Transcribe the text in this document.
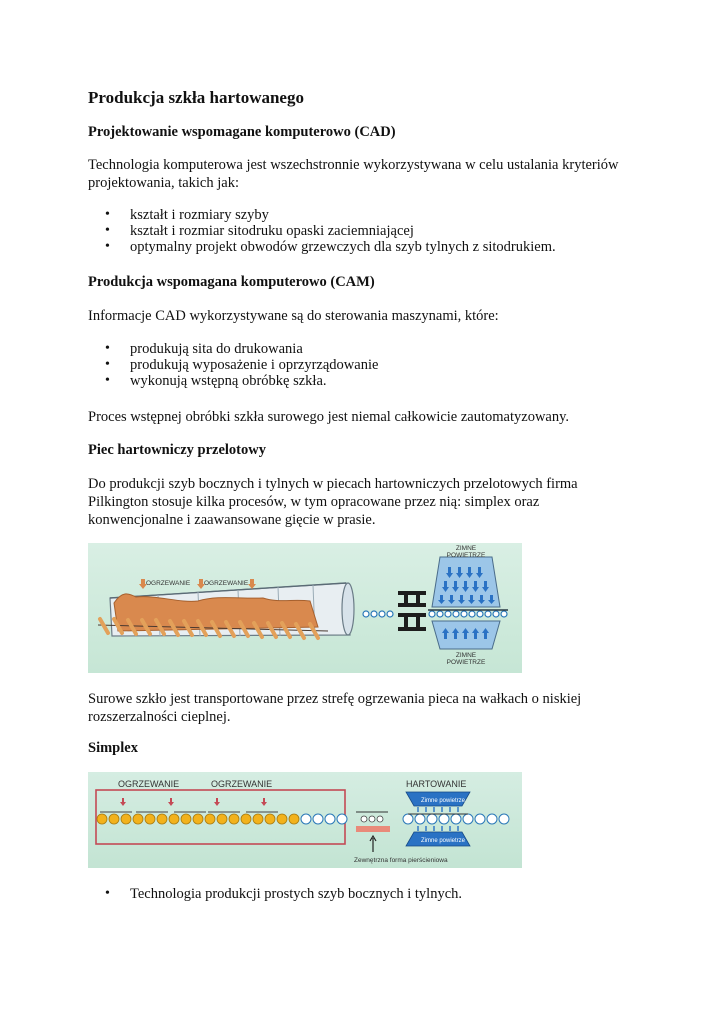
Produkcja szkła hartowanego
Projektowanie wspomagane komputerowo (CAD)

Technologia komputerowa jest wszechstronnie wykorzystywana w celu ustalania kryteriów

projektowania, takich jak:

• kształt i rozmiary szyby
• kształt i rozmiar sitodruku opaski zaciemniającej
• optymalny projekt obwodów grzewczych dla szyb tylnych z sitodrukiem.
Produkcja wspomagana komputerowo (CAM)

Informacje CAD wykorzystywane są do sterowania maszynami, które:

• produkują sita do drukowania
• produkują wyposażenie i oprzyrządowanie
• wykonują wstępną obróbkę szkła.

Proces wstępnej obróbki szkła surowego jest niemal całkowicie zautomatyzowany.

Piec hartowniczy przelotowy

Do produkcji szyb bocznych i tylnych w piecach hartowniczych przelotowych firma

Pilkington stosuje kilka procesów, w tym opracowane przez nią: simplex oraz

konwencjonalne i zaawansowane gięcie w prasie.

OGRZEWANIE OGRZEWANIE
ZIMNE
POWIETRZE
ZIMNE
POWIETRZE

Surowe szkło jest transportowane przez strefę ogrzewania pieca na wałkach o niskiej

rozszerzalności cieplnej.

Simplex
OGRZEWANIE	OGRZEWANIE
Zewnętrzna forma pierścieniowa
HARTOWANIE
Zimne powietrze
Zimne powietrze
• Technologia produkcji prostych szyb bocznych i tylnych.
